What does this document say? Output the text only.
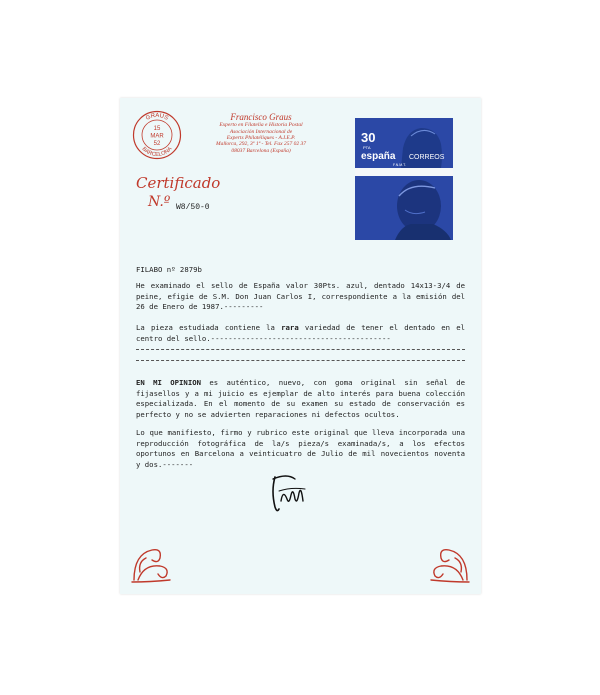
GRAUS
BARCELONA
15
MAR
52
Francisco Graus
Experto en Filatelia e Historia Postal
Asociación Internacional de
Experts Philatéliques - A.I.E.P.
Mallorca, 292, 3º 1ª - Tel. Fax 257 02 37
08037 Barcelona (España)
Certificado
N.º W8/50-0
30
PTA
españa CORREOS
F.N.M.T.
FILABO nº 2879b

He examinado el sello de España valor 30Pts. azul, dentado 14x13-3/4 de peine, efigie de S.M. Don Juan Carlos I, correspondiente a la emisión del 26 de Enero de 1987.---------

La pieza estudiada contiene la rara variedad de tener el dentado en el centro del sello.-----------------------------------------

EN MI OPINION es auténtico, nuevo, con goma original sin señal de fijasellos y a mi juicio es ejemplar de alto interés para buena colección especializada. En el momento de su examen su estado de conservación es perfecto y no se advierten reparaciones ni defectos ocultos.

Lo que manifiesto, firmo y rubrico este original que lleva incorporada una reproducción fotográfica de la/s pieza/s examinada/s, a los efectos oportunos en Barcelona a veinticuatro de Julio de mil novecientos noventa y dos.-------
